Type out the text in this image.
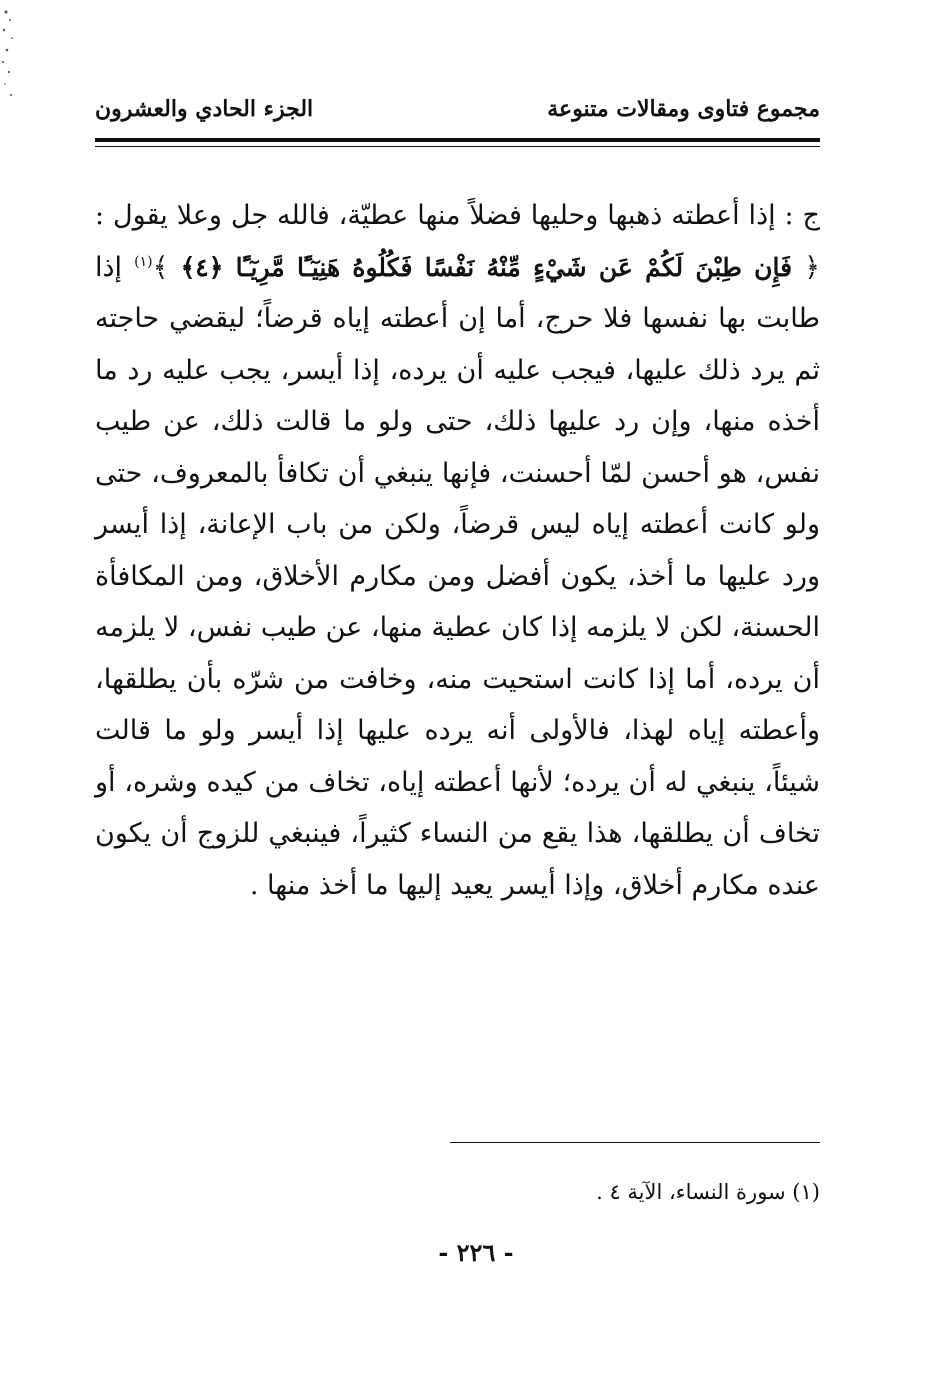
مجموع فتاوى ومقالات متنوعة
الجزء الحادي والعشرون
ج : إذا أعطته ذهبها وحليها فضلاً منها عطيّة، فالله جل وعلا يقول : ﴿ فَإِن طِبْنَ لَكُمْ عَن شَيْءٍ مِّنْهُ نَفْسًا فَكُلُوهُ هَنِيٓـًٔا مَّرِيٓـًٔا ﴿٤﴾ ﴾$^{(١)}$ إذا طابت بها نفسها فلا حرج، أما إن أعطته إياه قرضاً؛ ليقضي حاجته ثم يرد ذلك عليها، فيجب عليه أن يرده، إذا أيسر، يجب عليه رد ما أخذه منها، وإن رد عليها ذلك، حتى ولو ما قالت ذلك، عن طيب نفس، هو أحسن لمّا أحسنت، فإنها ينبغي أن تكافأ بالمعروف، حتى ولو كانت أعطته إياه ليس قرضاً، ولكن من باب الإعانة، إذا أيسر ورد عليها ما أخذ، يكون أفضل ومن مكارم الأخلاق، ومن المكافأة الحسنة، لكن لا يلزمه إذا كان عطية منها، عن طيب نفس، لا يلزمه أن يرده، أما إذا كانت استحيت منه، وخافت من شرّه بأن يطلقها، وأعطته إياه لهذا، فالأولى أنه يرده عليها إذا أيسر ولو ما قالت شيئاً، ينبغي له أن يرده؛ لأنها أعطته إياه، تخاف من كيده وشره، أو تخاف أن يطلقها، هذا يقع من النساء كثيراً، فينبغي للزوج أن يكون عنده مكارم أخلاق، وإذا أيسر يعيد إليها ما أخذ منها .
(١) سورة النساء، الآية ٤ .
- ٢٢٦ -
